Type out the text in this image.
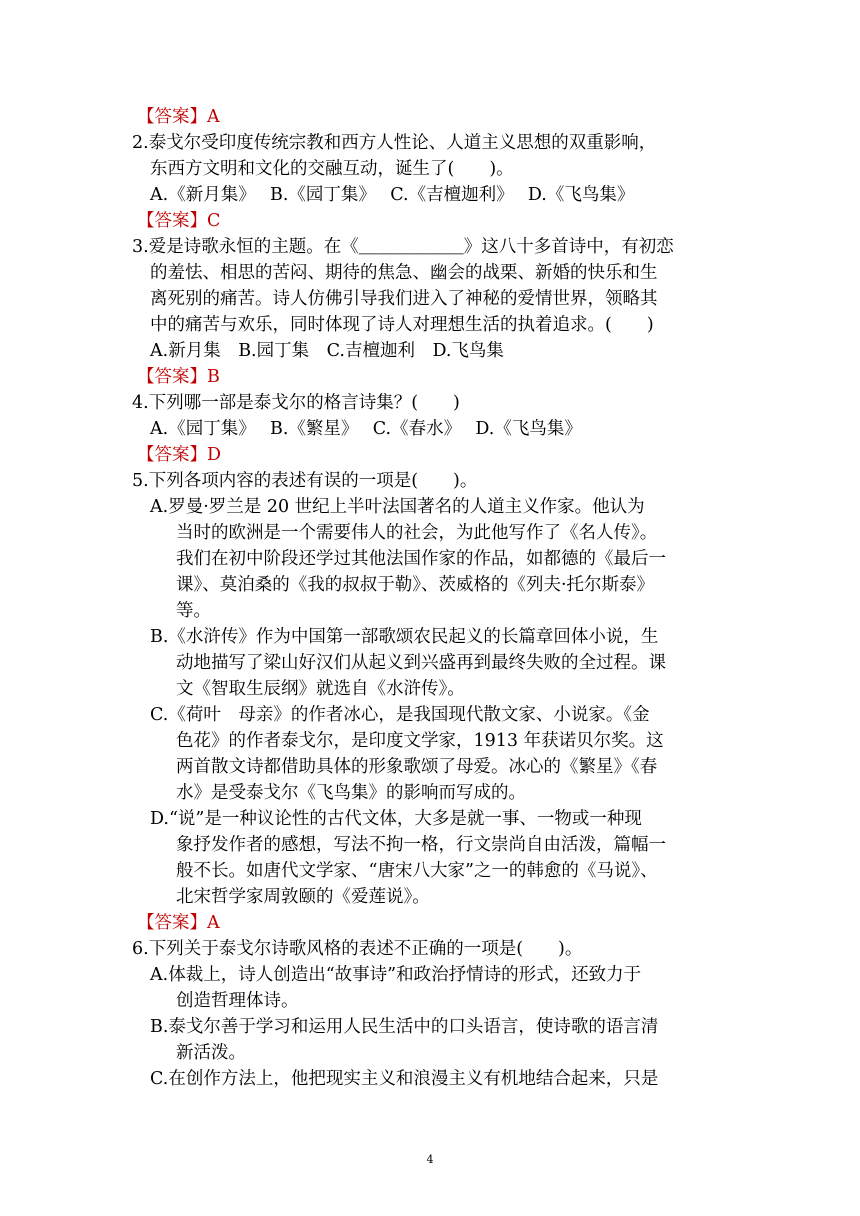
【答案】A
2.泰戈尔受印度传统宗教和西方人性论、人道主义思想的双重影响，
东西方文明和文化的交融互动，诞生了(　　)。
A.《新月集》　 B.《园丁集》　 C.《吉檀迦利》　 D.《飞鸟集》
【答案】C
3.爱是诗歌永恒的主题。在《＿＿＿＿＿＿》这八十多首诗中，有初恋
的羞怯、相思的苦闷、期待的焦急、幽会的战栗、新婚的快乐和生
离死别的痛苦。诗人仿佛引导我们进入了神秘的爱情世界，领略其
中的痛苦与欢乐，同时体现了诗人对理想生活的执着追求。(　　)
A.新月集　B.园丁集　C.吉檀迦利　D.飞鸟集
【答案】B
4.下列哪一部是泰戈尔的格言诗集？(　　)
A.《园丁集》　 B.《繁星》　 C.《春水》　 D.《飞鸟集》
【答案】D
5.下列各项内容的表述有误的一项是(　　)。
A.罗曼·罗兰是 20 世纪上半叶法国著名的人道主义作家。他认为
当时的欧洲是一个需要伟人的社会，为此他写作了《名人传》。
我们在初中阶段还学过其他法国作家的作品，如都德的《最后一
课》、莫泊桑的《我的叔叔于勒》、茨威格的《列夫·托尔斯泰》
等。
B.《水浒传》作为中国第一部歌颂农民起义的长篇章回体小说，生
动地描写了梁山好汉们从起义到兴盛再到最终失败的全过程。课
文《智取生辰纲》就选自《水浒传》。
C.《荷叶　母亲》的作者冰心，是我国现代散文家、小说家。《金
色花》的作者泰戈尔，是印度文学家，1913 年获诺贝尔奖。这
两首散文诗都借助具体的形象歌颂了母爱。冰心的《繁星》《春
水》是受泰戈尔《飞鸟集》的影响而写成的。
D.“说”是一种议论性的古代文体，大多是就一事、一物或一种现
象抒发作者的感想，写法不拘一格，行文崇尚自由活泼，篇幅一
般不长。如唐代文学家、“唐宋八大家”之一的韩愈的《马说》、
北宋哲学家周敦颐的《爱莲说》。
【答案】A
6.下列关于泰戈尔诗歌风格的表述不正确的一项是(　　)。
A.体裁上，诗人创造出“故事诗”和政治抒情诗的形式，还致力于
创造哲理体诗。
B.泰戈尔善于学习和运用人民生活中的口头语言，使诗歌的语言清
新活泼。
C.在创作方法上，他把现实主义和浪漫主义有机地结合起来，只是
4
